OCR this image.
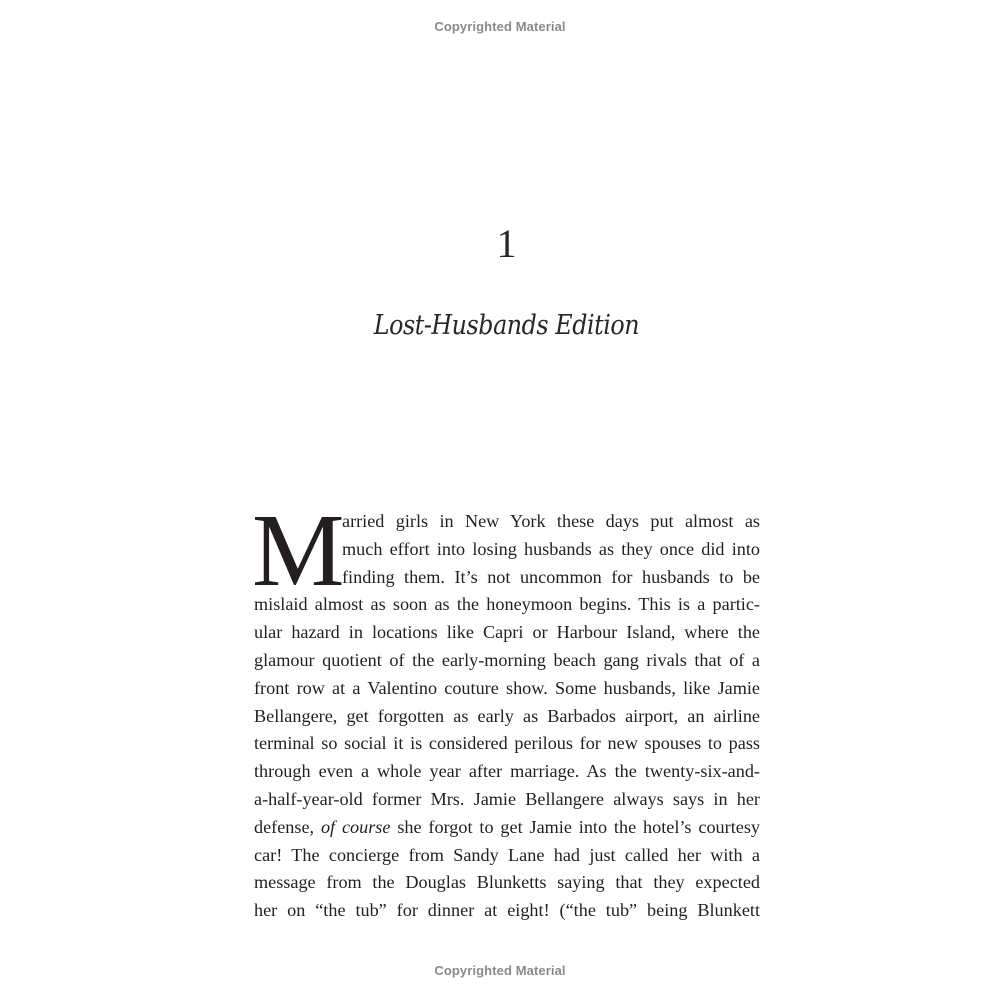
Copyrighted Material
1
Lost-Husbands Edition
M
arried girls in New York these days put almost as
much effort into losing husbands as they once did into
finding them. It’s not uncommon for husbands to be
mislaid almost as soon as the honeymoon begins. This is a partic-
ular hazard in locations like Capri or Harbour Island, where the
glamour quotient of the early-morning beach gang rivals that of a
front row at a Valentino couture show. Some husbands, like Jamie
Bellangere, get forgotten as early as Barbados airport, an airline
terminal so social it is considered perilous for new spouses to pass
through even a whole year after marriage. As the twenty-six-and-
a-half-year-old former Mrs. Jamie Bellangere always says in her
defense, of course she forgot to get Jamie into the hotel’s courtesy
car! The concierge from Sandy Lane had just called her with a
message from the Douglas Blunketts saying that they expected
her on “the tub” for dinner at eight! (“the tub” being Blunkett
Copyrighted Material
